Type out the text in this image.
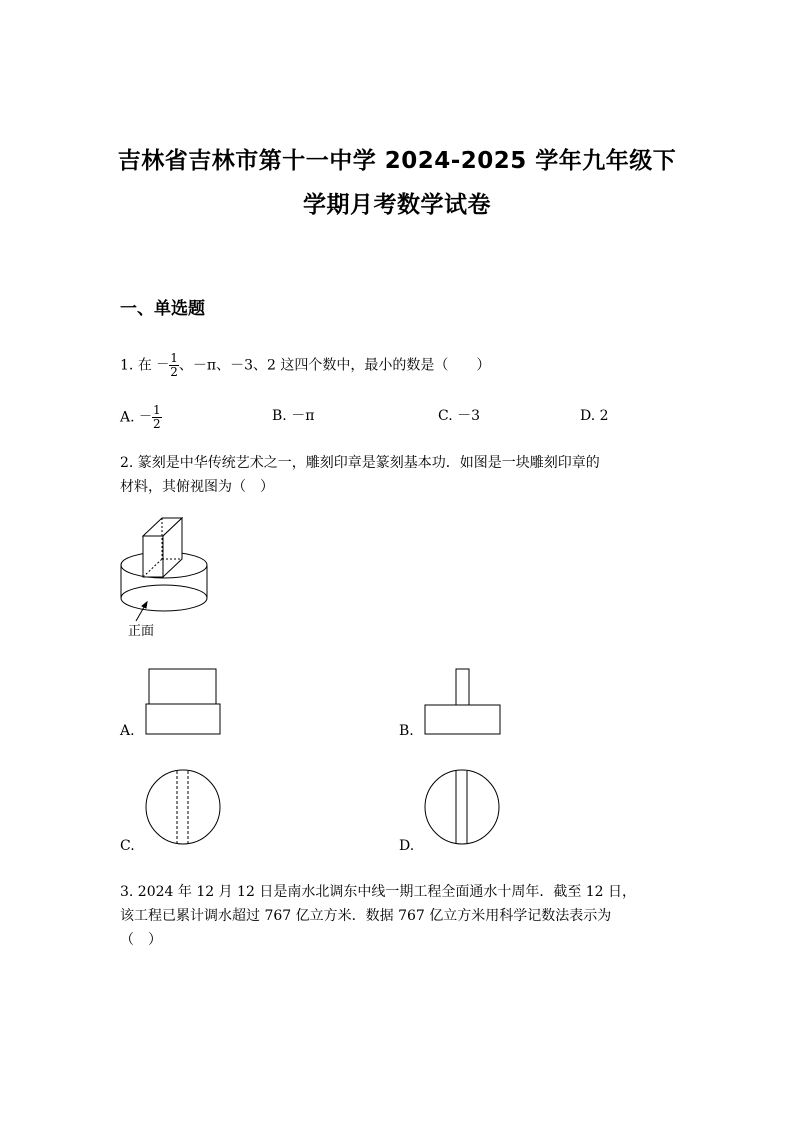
吉林省吉林市第十一中学 2024-2025 学年九年级下
学期月考数学试卷
一、单选题
1. 在 － $\frac{1}{2}$ 、－π、－3、2 这四个数中，最小的数是（　　）
A. － $\frac{1}{2}$	B. －π	C. －3	D. 2
2. 篆刻是中华传统艺术之一，雕刻印章是篆刻基本功．如图是一块雕刻印章的
材料，其俯视图为（　）
正面
A.	B.
C.	D.
3. 2024 年 12 月 12 日是南水北调东中线一期工程全面通水十周年．截至 12 日，
该工程已累计调水超过 767 亿立方米．数据 767 亿立方米用科学记数法表示为
（　）
